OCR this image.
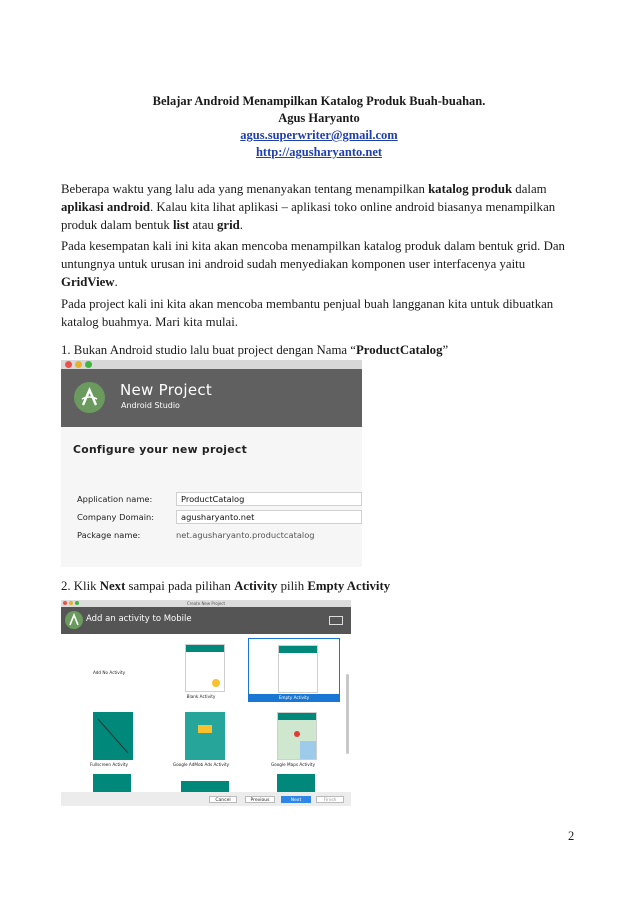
Belajar Android Menampilkan Katalog Produk Buah-buahan.
Agus Haryanto
agus.superwriter@gmail.com
http://agusharyanto.net
Beberapa waktu yang lalu ada yang menanyakan tentang menampilkan katalog produk dalam
aplikasi android. Kalau kita lihat aplikasi – aplikasi toko online android biasanya menampilkan
produk dalam bentuk list atau grid.
Pada kesempatan kali ini kita akan mencoba menampilkan katalog produk dalam bentuk grid. Dan
untungnya untuk urusan ini android sudah menyediakan komponen user interfacenya yaitu
GridView.
Pada project kali ini kita akan mencoba membantu penjual buah langganan kita untuk dibuatkan
katalog buahmya. Mari kita mulai.
1. Bukan Android studio lalu buat project dengan Nama “ProductCatalog”
New Project
Android Studio
Configure your new project
Application name:	ProductCatalog
Company Domain:	agusharyanto.net
Package name:	net.agusharyanto.productcatalog
2. Klik Next sampai pada pilihan Activity pilih Empty Activity
Create New Project
Add an activity to Mobile
Add No Activity
Blank Activity	Empty Activity
Fullscreen Activity	Google AdMob Ads Activity	Google Maps Activity
Cancel	Previous	Next	Finish
2
